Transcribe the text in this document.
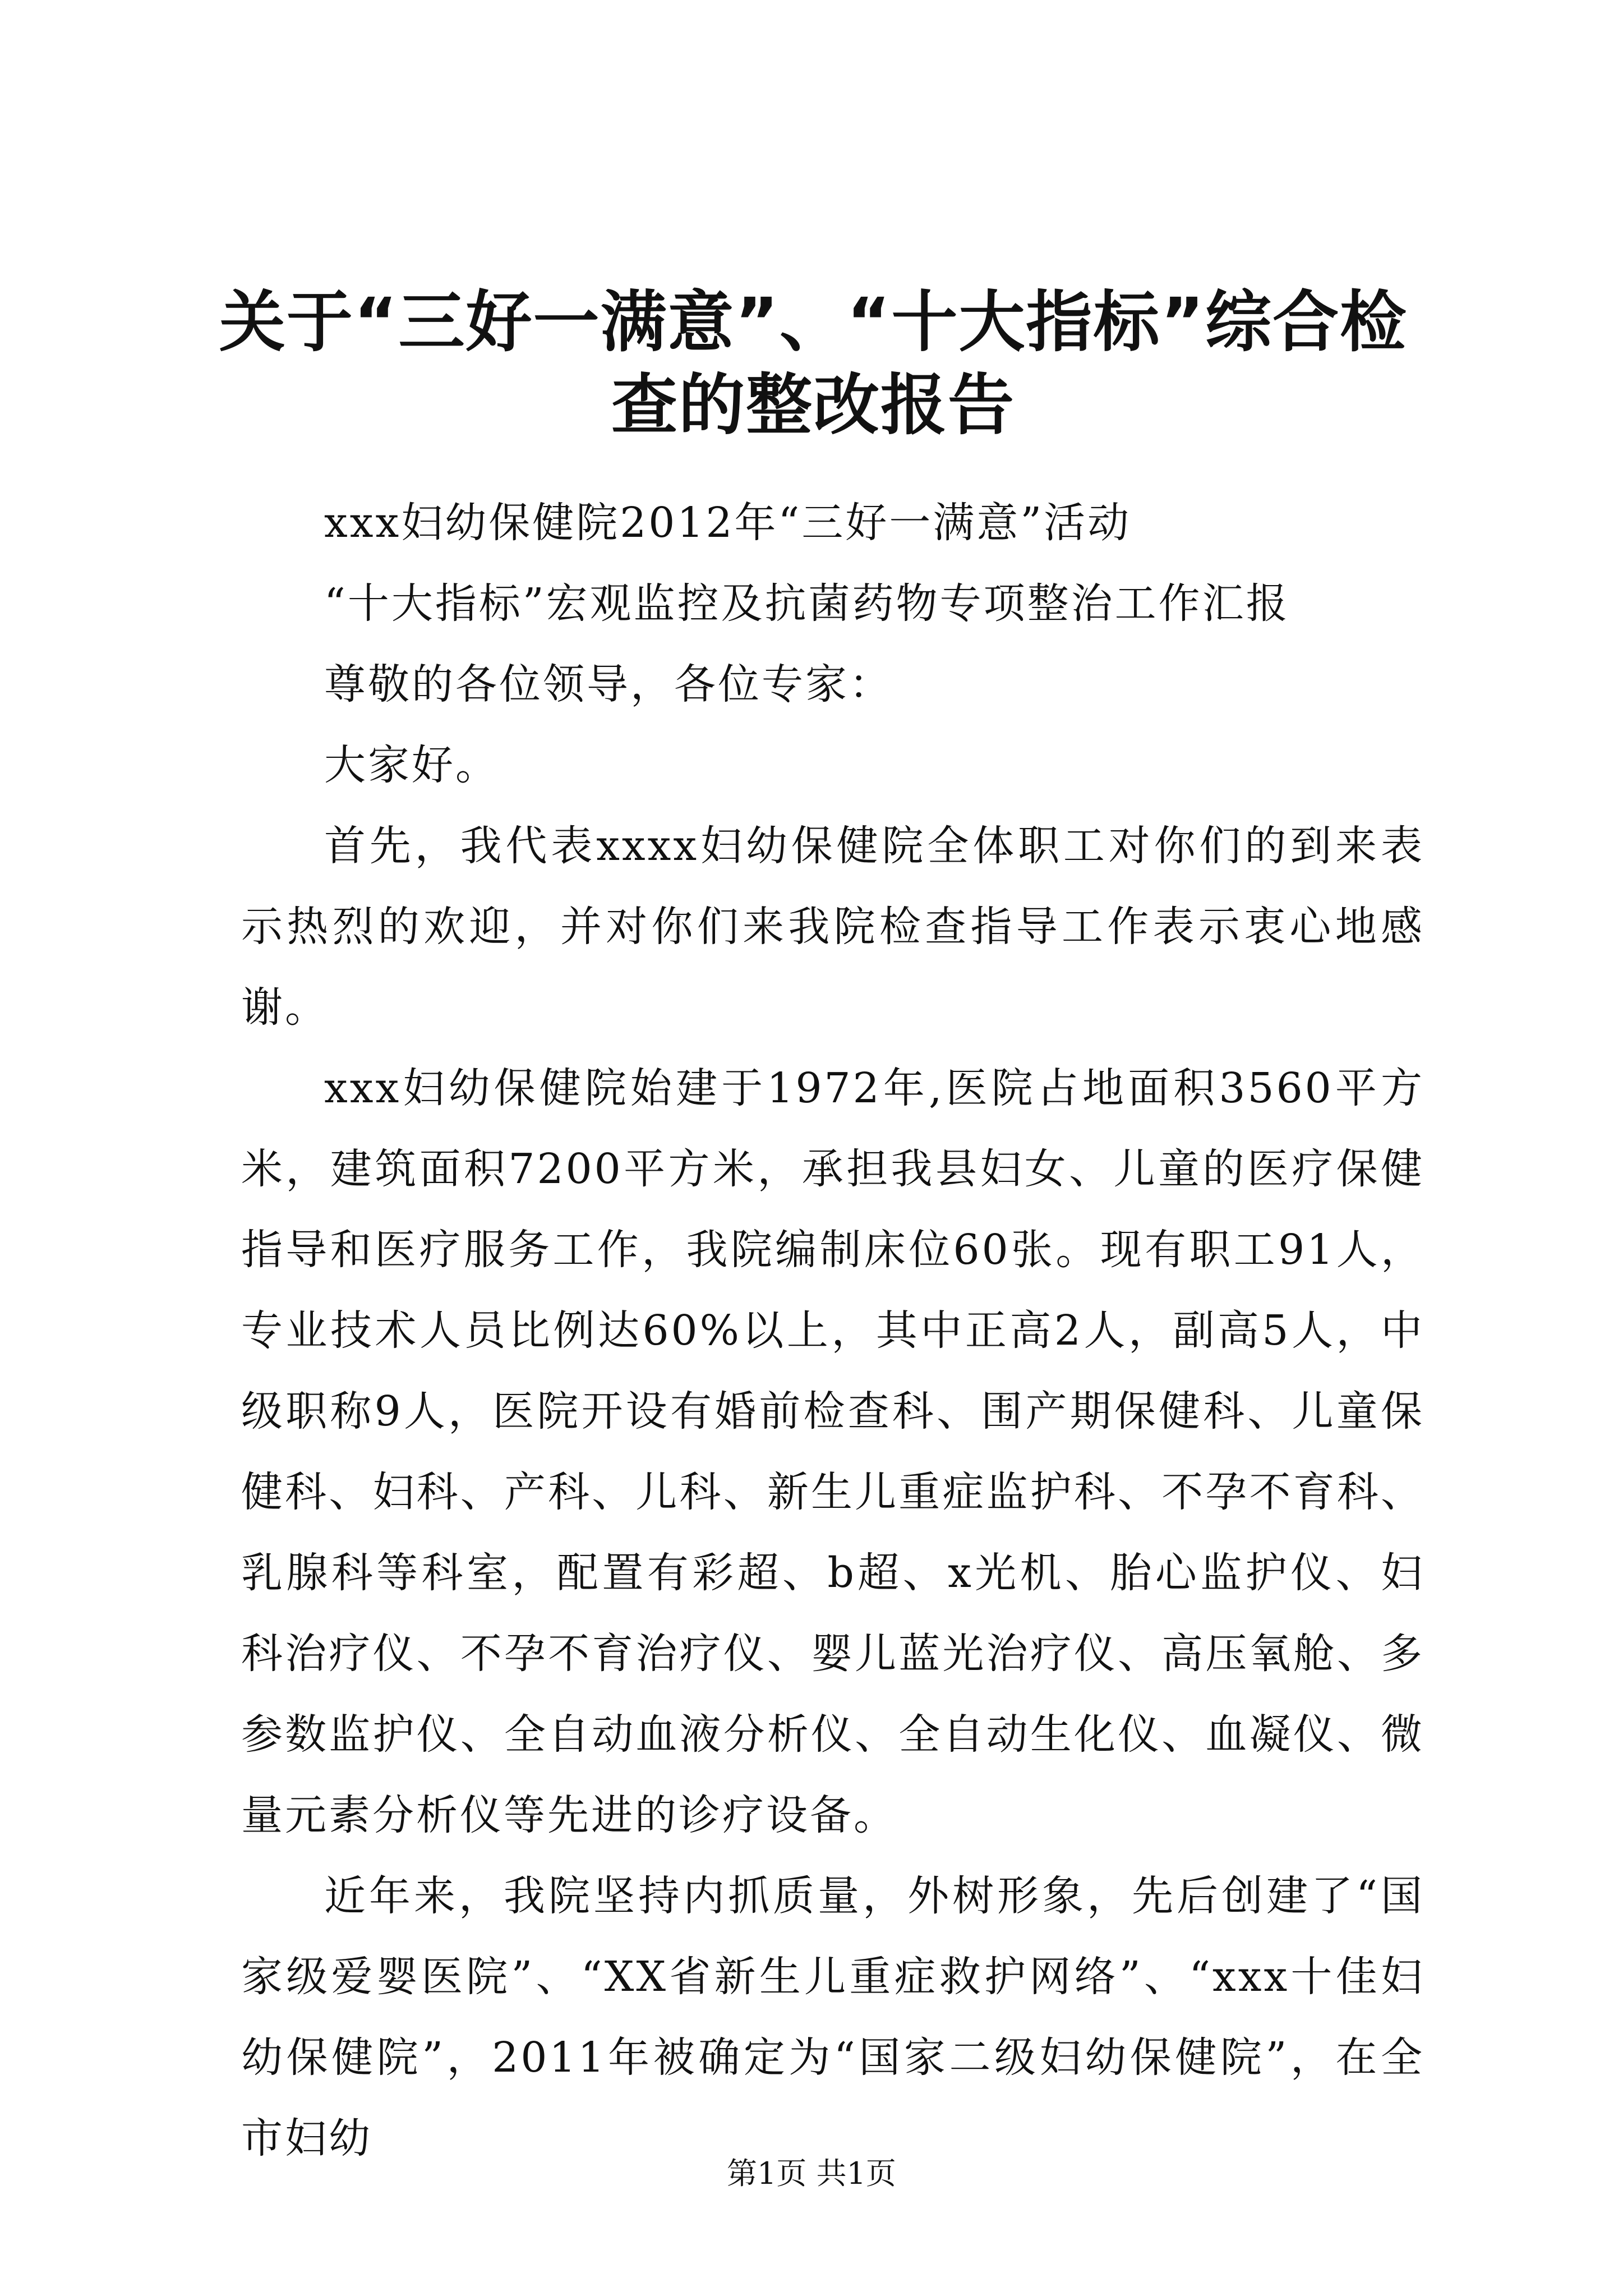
关于“三好一满意”、“十大指标”综合检查的整改报告

xxx妇幼保健院2012年“三好一满意”活动

“十大指标”宏观监控及抗菌药物专项整治工作汇报

尊敬的各位领导，各位专家：

大家好。

首先，我代表xxxx妇幼保健院全体职工对你们的到来表示热烈的欢迎，并对你们来我院检查指导工作表示衷心地感谢。

xxx妇幼保健院始建于1972年,医院占地面积3560平方米，建筑面积7200平方米，承担我县妇女、儿童的医疗保健指导和医疗服务工作，我院编制床位60张。现有职工91人，专业技术人员比例达60%以上，其中正高2人，副高5人，中级职称9人，医院开设有婚前检查科、围产期保健科、儿童保健科、妇科、产科、儿科、新生儿重症监护科、不孕不育科、乳腺科等科室，配置有彩超、b超、x光机、胎心监护仪、妇科治疗仪、不孕不育治疗仪、婴儿蓝光治疗仪、高压氧舱、多参数监护仪、全自动血液分析仪、全自动生化仪、血凝仪、微量元素分析仪等先进的诊疗设备。

近年来，我院坚持内抓质量，外树形象，先后创建了“国家级爱婴医院”、“XX省新生儿重症救护网络”、“xxx十佳妇幼保健院”，2011年被确定为“国家二级妇幼保健院”，在全市妇幼

第1页 共1页
